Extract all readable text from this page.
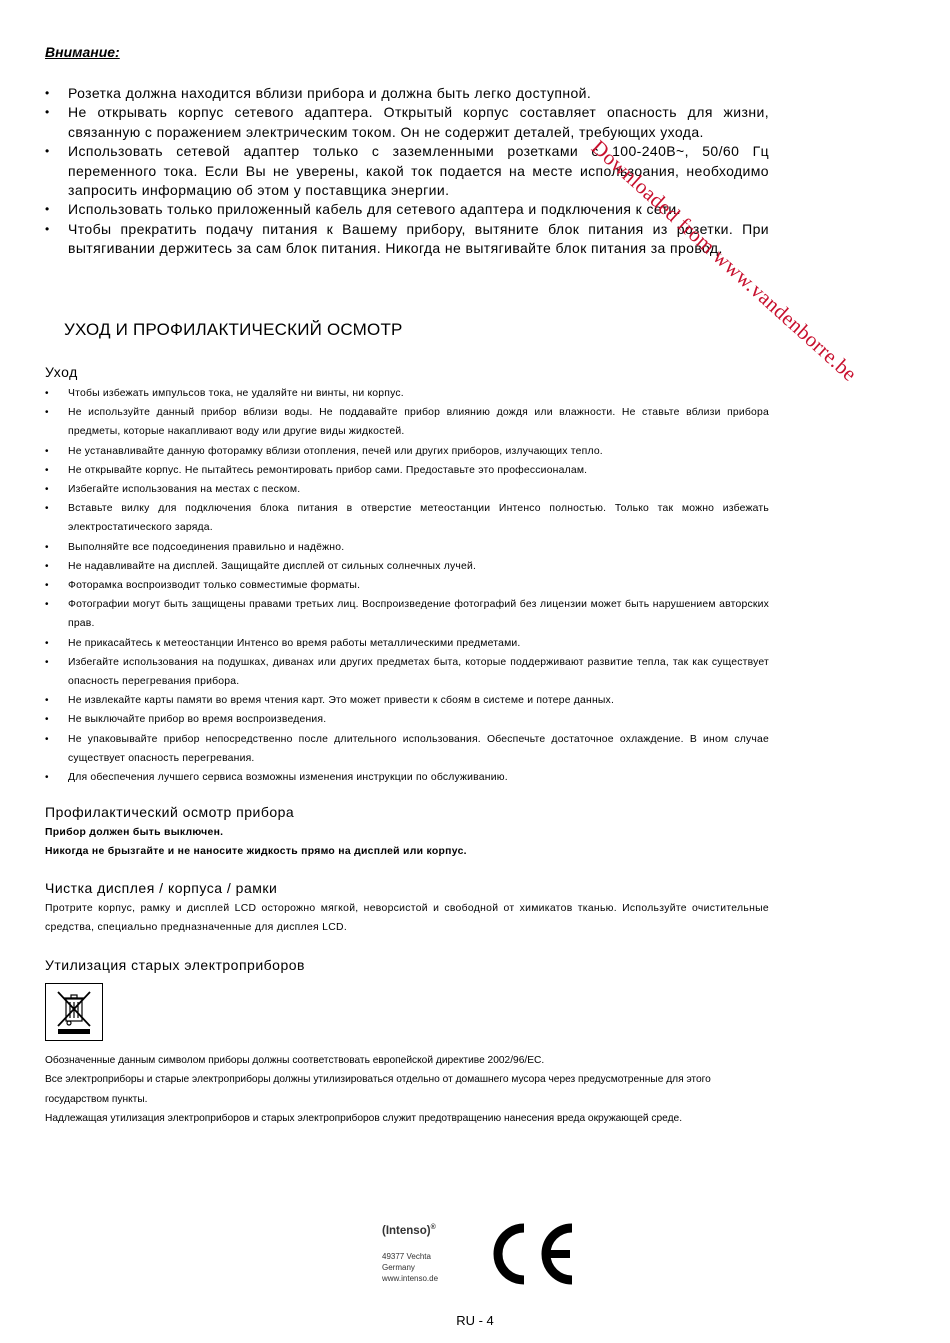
Внимание:
• Розетка должна находится вблизи прибора и должна быть легко доступной.
• Не открывать корпус сетевого адаптера. Открытый корпус составляет опасность для жизни, связанную с поражением электрическим током. Он не содержит деталей, требующих ухода.
• Использовать сетевой адаптер только с заземленными розетками с 100-240В~, 50/60 Гц переменного тока. Если Вы не уверены, какой ток подается на месте использоания, необходимо запросить информацию об этом у поставщика энергии.
• Использовать только приложенный кабель для сетевого адаптера и подключения к сети.
• Чтобы прекратить подачу питания к Вашему прибору, вытяните блок питания из розетки. При вытягивании держитесь за сам блок питания. Никогда не вытягивайте блок питания за провод.
УХОД И ПРОФИЛАКТИЧЕСКИЙ ОСМОТР
Уход
• Чтобы избежать импульсов тока, не удаляйте ни винты, ни корпус.
• Не используйте данный прибор вблизи воды. Не поддавайте прибор влиянию дождя или влажности. Не ставьте вблизи прибора предметы, которые накапливают воду или другие виды жидкостей.
• Не устанавливайте данную фоторамку вблизи отопления, печей или других приборов, излучающих тепло.
• Не открывайте корпус. Не пытайтесь ремонтировать прибор сами. Предоставьте это профессионалам.
• Избегайте использования на местах с песком.
• Вставьте вилку для подключения блока питания в отверстие метеостанции Интенсо полностью. Только так можно избежать электростатического заряда.
• Выполняйте все подсоединения правильно и надёжно.
• Не надавливайте на дисплей. Защищайте дисплей от сильных солнечных лучей.
• Фоторамка воспроизводит только совместимые форматы.
• Фотографии могут быть защищены правами третьих лиц. Воспроизведение фотографий без лицензии может быть нарушением авторских прав.
• Не прикасайтесь к метеостанции Интенсо во время работы металлическими предметами.
• Избегайте использования на подушках, диванах или других предметах быта, которые поддерживают развитие тепла, так как существует опасность перегревания прибора.
• Не извлекайте карты памяти во время чтения карт. Это может привести к сбоям в системе и потере данных.
• Не выключайте прибор во время воспроизведения.
• Не упаковывайте прибор непосредственно после длительного использования. Обеспечьте достаточное охлаждение. В ином случае существует опасность перегревания.
• Для обеспечения лучшего сервиса возможны изменения инструкции по обслуживанию.
Профилактический осмотр прибора
Прибор должен быть выключен.
Никогда не брызгайте и не наносите жидкость прямо на дисплей или корпус.
Чистка дисплея / корпуса / рамки
Протрите корпус, рамку и дисплей LCD осторожно мягкой, неворсистой и свободной от химикатов тканью. Используйте очистительные средства, специально предназначенные для дисплея LCD.
Утилизация старых электроприборов
Обозначенные данным символом приборы должны соответствовать европейской директиве 2002/96/EC.
Все электроприборы и старые электроприборы должны утилизироваться отдельно от домашнего мусора через предусмотренные для этого государством пункты.
Надлежащая утилизация электроприборов и старых электроприборов служит предотвращению нанесения вреда окружающей среде.
Downloaded from www.vandenborre.be
(Intenso)®
49377 Vechta
Germany
www.intenso.de
RU - 4
